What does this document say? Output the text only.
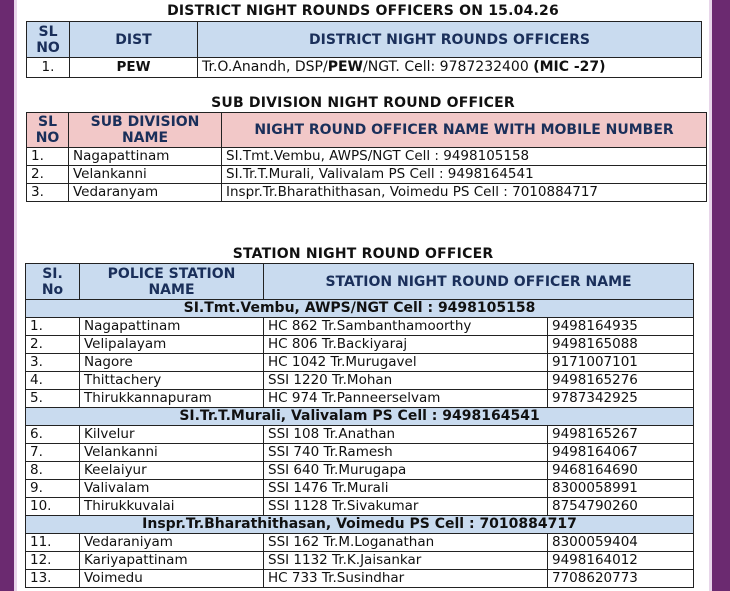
DISTRICT NIGHT ROUNDS OFFICERS ON 15.04.26
SL NO	DIST	DISTRICT NIGHT ROUNDS OFFICERS
1.	PEW	Tr.O.Anandh, DSP/PEW/NGT. Cell: 9787232400 (MIC -27)
SUB DIVISION NIGHT ROUND OFFICER
SL NO	SUB DIVISION NAME	NIGHT ROUND OFFICER NAME WITH MOBILE NUMBER
1.	Nagapattinam	SI.Tmt.Vembu, AWPS/NGT Cell : 9498105158
2.	Velankanni	SI.Tr.T.Murali, Valivalam PS Cell : 9498164541
3.	Vedaranyam	Inspr.Tr.Bharathithasan, Voimedu PS Cell : 7010884717
STATION NIGHT ROUND OFFICER
SI. No	POLICE STATION NAME	STATION NIGHT ROUND OFFICER NAME	
SI.Tmt.Vembu, AWPS/NGT Cell : 9498105158			
1.	Nagapattinam	HC 862 Tr.Sambanthamoorthy	9498164935
2.	Velipalayam	HC 806 Tr.Backiyaraj	9498165088
3.	Nagore	HC 1042 Tr.Murugavel	9171007101
4.	Thittachery	SSI 1220 Tr.Mohan	9498165276
5.	Thirukkannapuram	HC 974 Tr.Panneerselvam	9787342925
SI.Tr.T.Murali, Valivalam PS Cell : 9498164541			
6.	Kilvelur	SSI 108 Tr.Anathan	9498165267
7.	Velankanni	SSI 740 Tr.Ramesh	9498164067
8.	Keelaiyur	SSI 640 Tr.Murugapa	9468164690
9.	Valivalam	SSI 1476 Tr.Murali	8300058991
10.	Thirukkuvalai	SSI 1128 Tr.Sivakumar	8754790260
Inspr.Tr.Bharathithasan, Voimedu PS Cell : 7010884717			
11.	Vedaraniyam	SSI 162 Tr.M.Loganathan	8300059404
12.	Kariyapattinam	SSI 1132 Tr.K.Jaisankar	9498164012
13.	Voimedu	HC 733 Tr.Susindhar	7708620773
